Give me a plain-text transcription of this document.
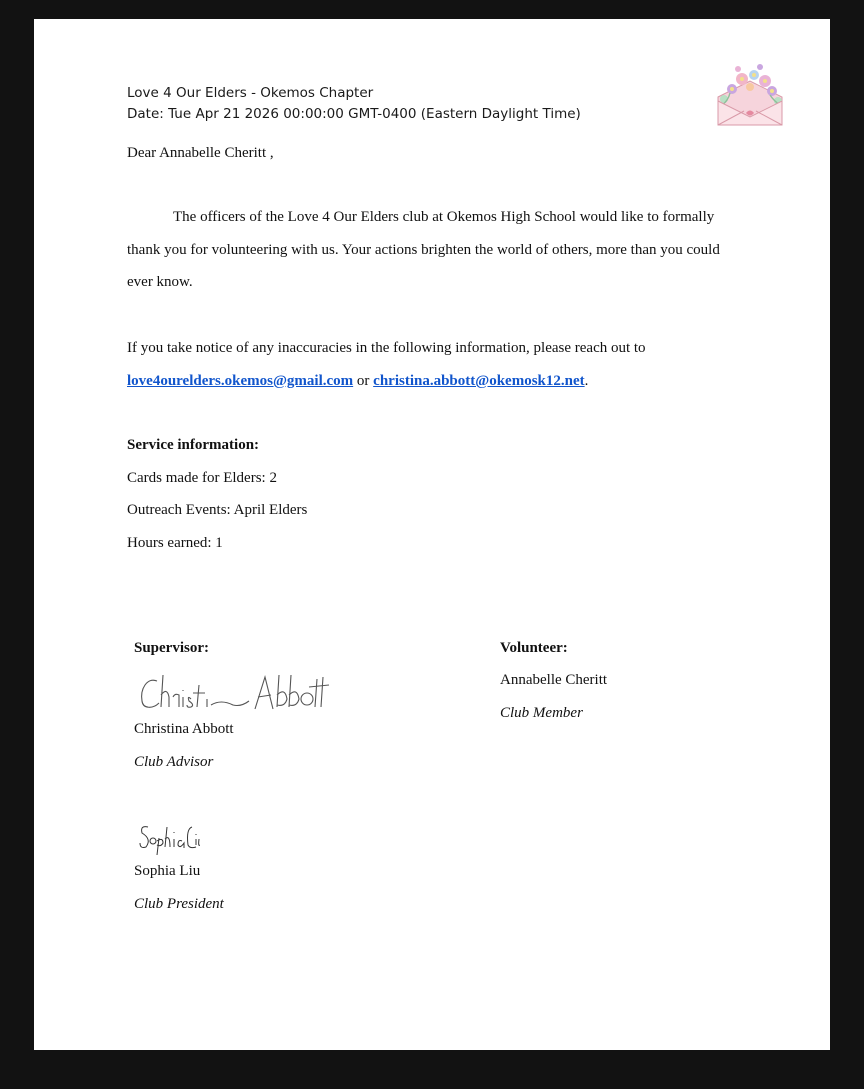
Love 4 Our Elders - Okemos Chapter
Date: Tue Apr 21 2026 00:00:00 GMT-0400 (Eastern Daylight Time)
Dear Annabelle Cheritt ,
The officers of the Love 4 Our Elders club at Okemos High School would like to formally thank you for volunteering with us. Your actions brighten the world of others, more than you could ever know.
If you take notice of any inaccuracies in the following information, please reach out to
love4ourelders.okemos@gmail.com or christina.abbott@okemosk12.net.
Service information:
Cards made for Elders: 2
Outreach Events: April Elders
Hours earned: 1
Supervisor:
Christina Abbott
Club Advisor
Sophia Liu
Club President
Volunteer:
Annabelle Cheritt
Club Member
